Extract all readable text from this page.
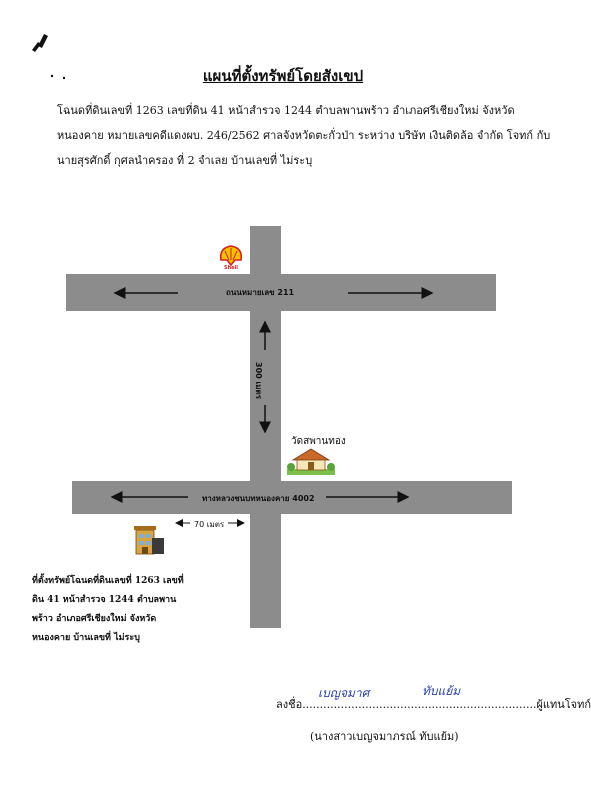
แผนที่ตั้งทรัพย์โดยสังเขป
โฉนดที่ดินเลขที่ 1263 เลขที่ดิน 41 หน้าสำรวจ 1244 ตำบลพานพร้าว อำเภอศรีเชียงใหม่ จังหวัด
หนองคาย หมายเลขคดีแดงผบ. 246/2562 ศาลจังหวัดตะกั่วป่า ระหว่าง บริษัท เงินติดล้อ จำกัด โจทก์ กับ
นายสุรศักดิ์ กุศลนำครอง ที่ 2 จำเลย บ้านเลขที่ ไม่ระบุ
ถนนหมายเลข 211
ทางหลวงชนบทหนองคาย 4002
300 เมตร
70 เมตร
Shell
วัดสพานทอง
ที่ตั้งทรัพย์โฉนดที่ดินเลขที่ 1263 เลขที่
ดิน 41 หน้าสำรวจ 1244 ตำบลพาน
พร้าว อำเภอศรีเชียงใหม่ จังหวัด
หนองคาย บ้านเลขที่ ไม่ระบุ
ลงชื่อ...................................................................ผู้แทนโจทก์
เบญจมาศ	ทับแย้ม
(นางสาวเบญจมาภรณ์ ทับแย้ม)
